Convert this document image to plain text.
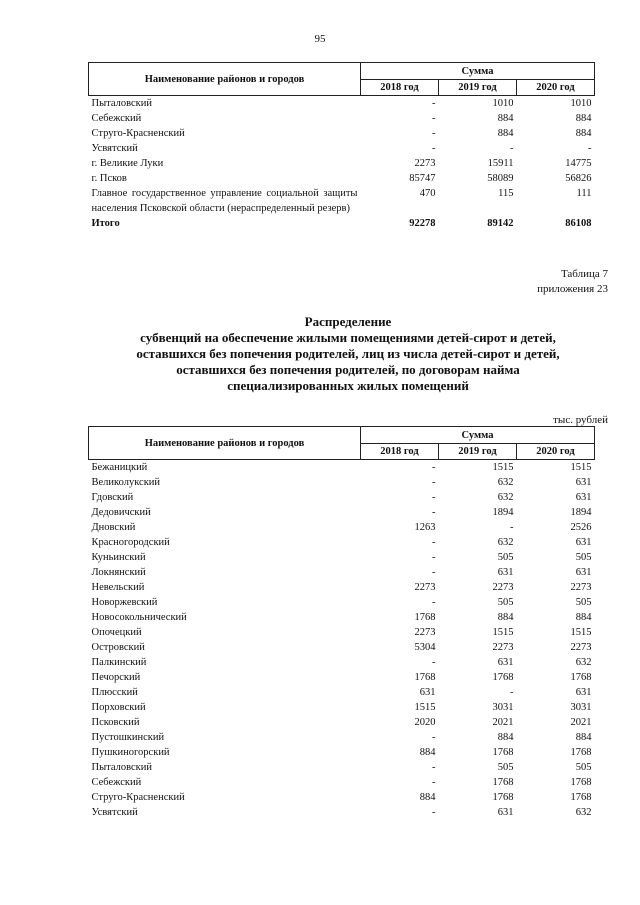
95
Наименование районов и городов	Сумма		
	2018 год	2019 год	2020 год
Пыталовский	-	1010	1010
Себежский	-	884	884
Струго-Красненский	-	884	884
Усвятский	-	-	-
г. Великие Луки	2273	15911	14775
г. Псков	85747	58089	56826
Главное государственное управление социальной защиты населения Псковской области (нераспределенный резерв)	470	115	111
Итого	92278	89142	86108
Таблица 7
приложения 23
Распределение
субвенций на обеспечение жилыми помещениями детей-сирот и детей,
оставшихся без попечения родителей, лиц из числа детей-сирот и детей,
оставшихся без попечения родителей, по договорам найма
специализированных жилых помещений
тыс. рублей
Наименование районов и городов	Сумма		
	2018 год	2019 год	2020 год
Бежаницкий	-	1515	1515
Великолукский	-	632	631
Гдовский	-	632	631
Дедовичский	-	1894	1894
Дновский	1263	-	2526
Красногородский	-	632	631
Куньинский	-	505	505
Локнянский	-	631	631
Невельский	2273	2273	2273
Новоржевский	-	505	505
Новосокольнический	1768	884	884
Опочецкий	2273	1515	1515
Островский	5304	2273	2273
Палкинский	-	631	632
Печорский	1768	1768	1768
Плюсский	631	-	631
Порховский	1515	3031	3031
Псковский	2020	2021	2021
Пустошкинский	-	884	884
Пушкиногорский	884	1768	1768
Пыталовский	-	505	505
Себежский	-	1768	1768
Струго-Красненский	884	1768	1768
Усвятский	-	631	632
